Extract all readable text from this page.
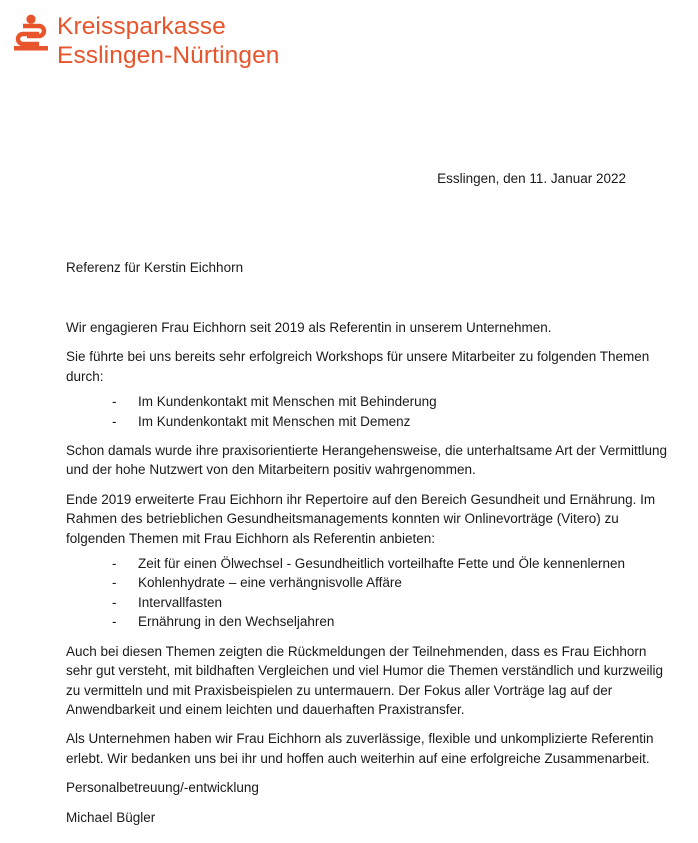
Kreissparkasse
Esslingen-Nürtingen
Esslingen, den 11. Januar 2022
Referenz für Kerstin Eichhorn

Wir engagieren Frau Eichhorn seit 2019 als Referentin in unserem Unternehmen.

Sie führte bei uns bereits sehr erfolgreich Workshops für unsere Mitarbeiter zu folgenden Themen durch:

- Im Kundenkontakt mit Menschen mit Behinderung
- Im Kundenkontakt mit Menschen mit Demenz

Schon damals wurde ihre praxisorientierte Herangehensweise, die unterhaltsame Art der Vermittlung und der hohe Nutzwert von den Mitarbeitern positiv wahrgenommen.

Ende 2019 erweiterte Frau Eichhorn ihr Repertoire auf den Bereich Gesundheit und Ernährung. Im Rahmen des betrieblichen Gesundheitsmanagements konnten wir Onlinevorträge (Vitero) zu folgenden Themen mit Frau Eichhorn als Referentin anbieten:

- Zeit für einen Ölwechsel - Gesundheitlich vorteilhafte Fette und Öle kennenlernen
- Kohlenhydrate – eine verhängnisvolle Affäre
- Intervallfasten
- Ernährung in den Wechseljahren

Auch bei diesen Themen zeigten die Rückmeldungen der Teilnehmenden, dass es Frau Eichhorn sehr gut versteht, mit bildhaften Vergleichen und viel Humor die Themen verständlich und kurzweilig zu vermitteln und mit Praxisbeispielen zu untermauern. Der Fokus aller Vorträge lag auf der Anwendbarkeit und einem leichten und dauerhaften Praxistransfer.

Als Unternehmen haben wir Frau Eichhorn als zuverlässige, flexible und unkomplizierte Referentin erlebt. Wir bedanken uns bei ihr und hoffen auch weiterhin auf eine erfolgreiche Zusammenarbeit.

Personalbetreuung/-entwicklung

Michael Bügler
